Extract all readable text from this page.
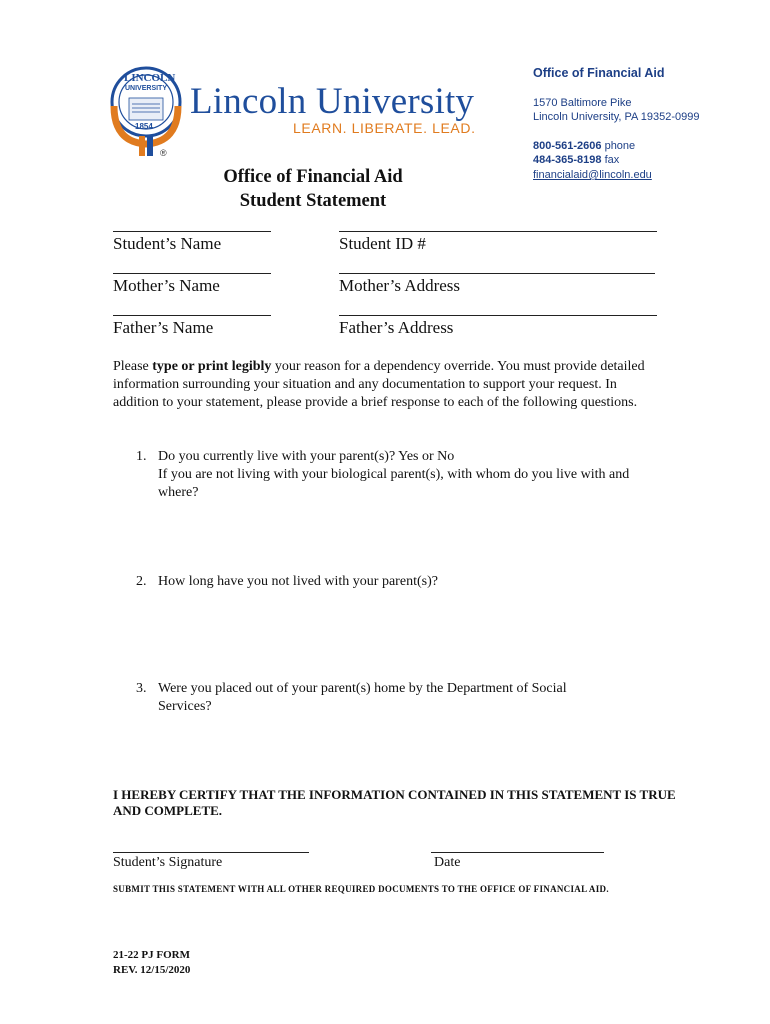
LINCOLN
UNIVERSITY
1854
®
Lincoln University
LEARN. LIBERATE. LEAD.
Office of Financial Aid
1570 Baltimore Pike
Lincoln University, PA 19352-0999
800-561-2606 phone
484-365-8198 fax
financialaid@lincoln.edu
Office of Financial Aid
Student Statement
Student’s Name	Student ID #
Mother’s Name	Mother’s Address
Father’s Name	Father’s Address
Please type or print legibly your reason for a dependency override. You must provide detailed information surrounding your situation and any documentation to support your request. In addition to your statement, please provide a brief response to each of the following questions.
1. Do you currently live with your parent(s)? Yes or No
If you are not living with your biological parent(s), with whom do you live with and where?
2. How long have you not lived with your parent(s)?
3. Were you placed out of your parent(s) home by the Department of Social Services?
I HEREBY CERTIFY THAT THE INFORMATION CONTAINED IN THIS STATEMENT IS TRUE AND COMPLETE.
Student’s Signature	Date
SUBMIT THIS STATEMENT WITH ALL OTHER REQUIRED DOCUMENTS TO THE OFFICE OF FINANCIAL AID.
21-22 PJ FORM
REV. 12/15/2020
